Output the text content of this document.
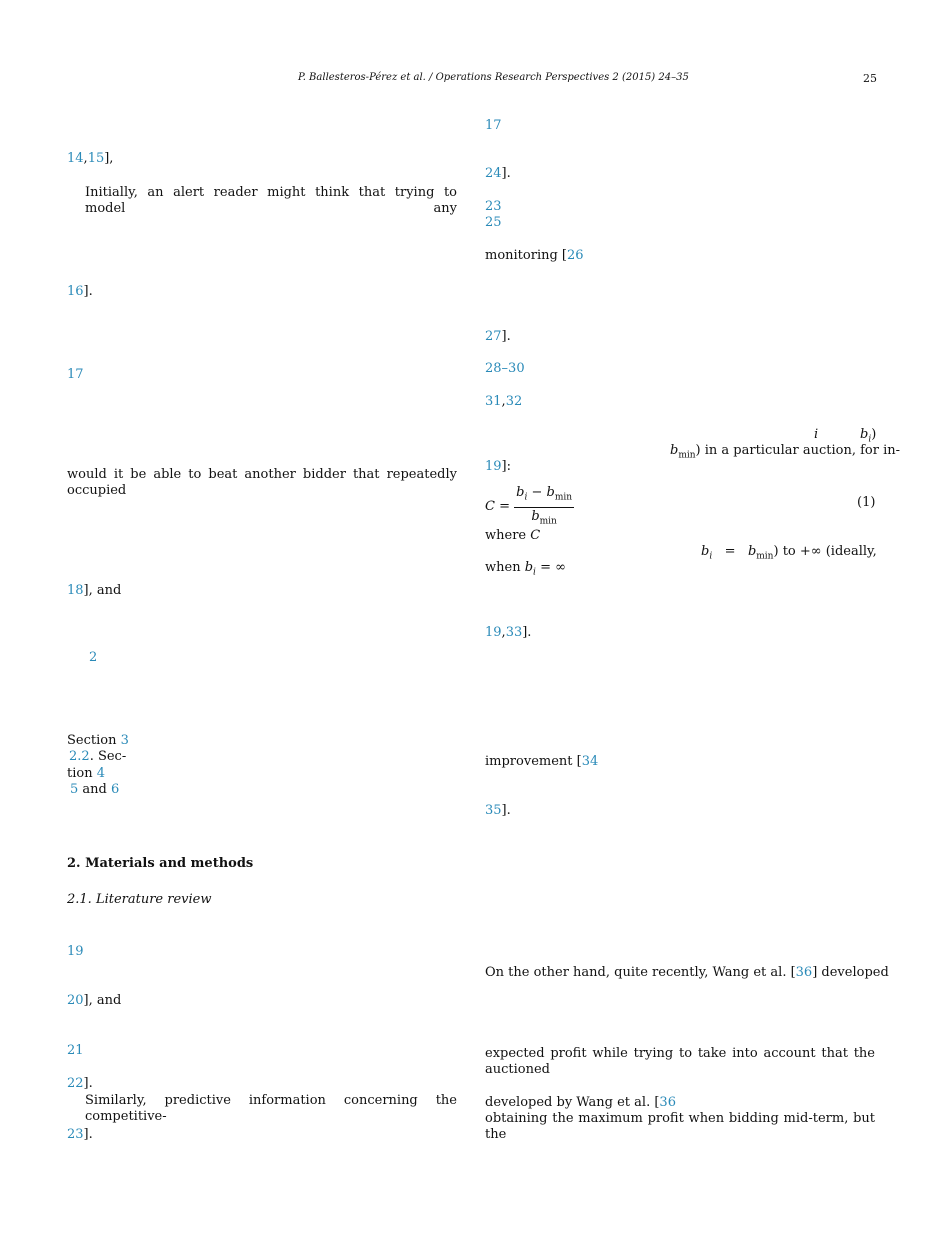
P. Ballesteros-Pérez et al. / Operations Research Perspectives 2 (2015) 24–35	25
14,15],
Initially, an alert reader might think that trying to model any
16].
17
would it be able to beat another bidder that repeatedly occupied
18], and
2
Section 3
2.2. Sec-
tion 4
5 and 6
2. Materials and methods
2.1. Literature review
19
20], and
21
22].
Similarly, predictive information concerning the competitive-
23].
17
24].
23
25
monitoring [26
27].
28–30
31,32
i	$b_i$)
$b_{min}$) in a particular auction, for in-
19]:
$C = \frac{b_i - b_{min}}{b_{min}}$	(1)
where C
$b_i = b_{min}$) to +∞ (ideally,
when $b_i$ = ∞
19,33].
improvement [34
35].
On the other hand, quite recently, Wang et al. [36] developed
expected profit while trying to take into account that the auctioned
developed by Wang et al. [36
obtaining the maximum profit when bidding mid-term, but the
